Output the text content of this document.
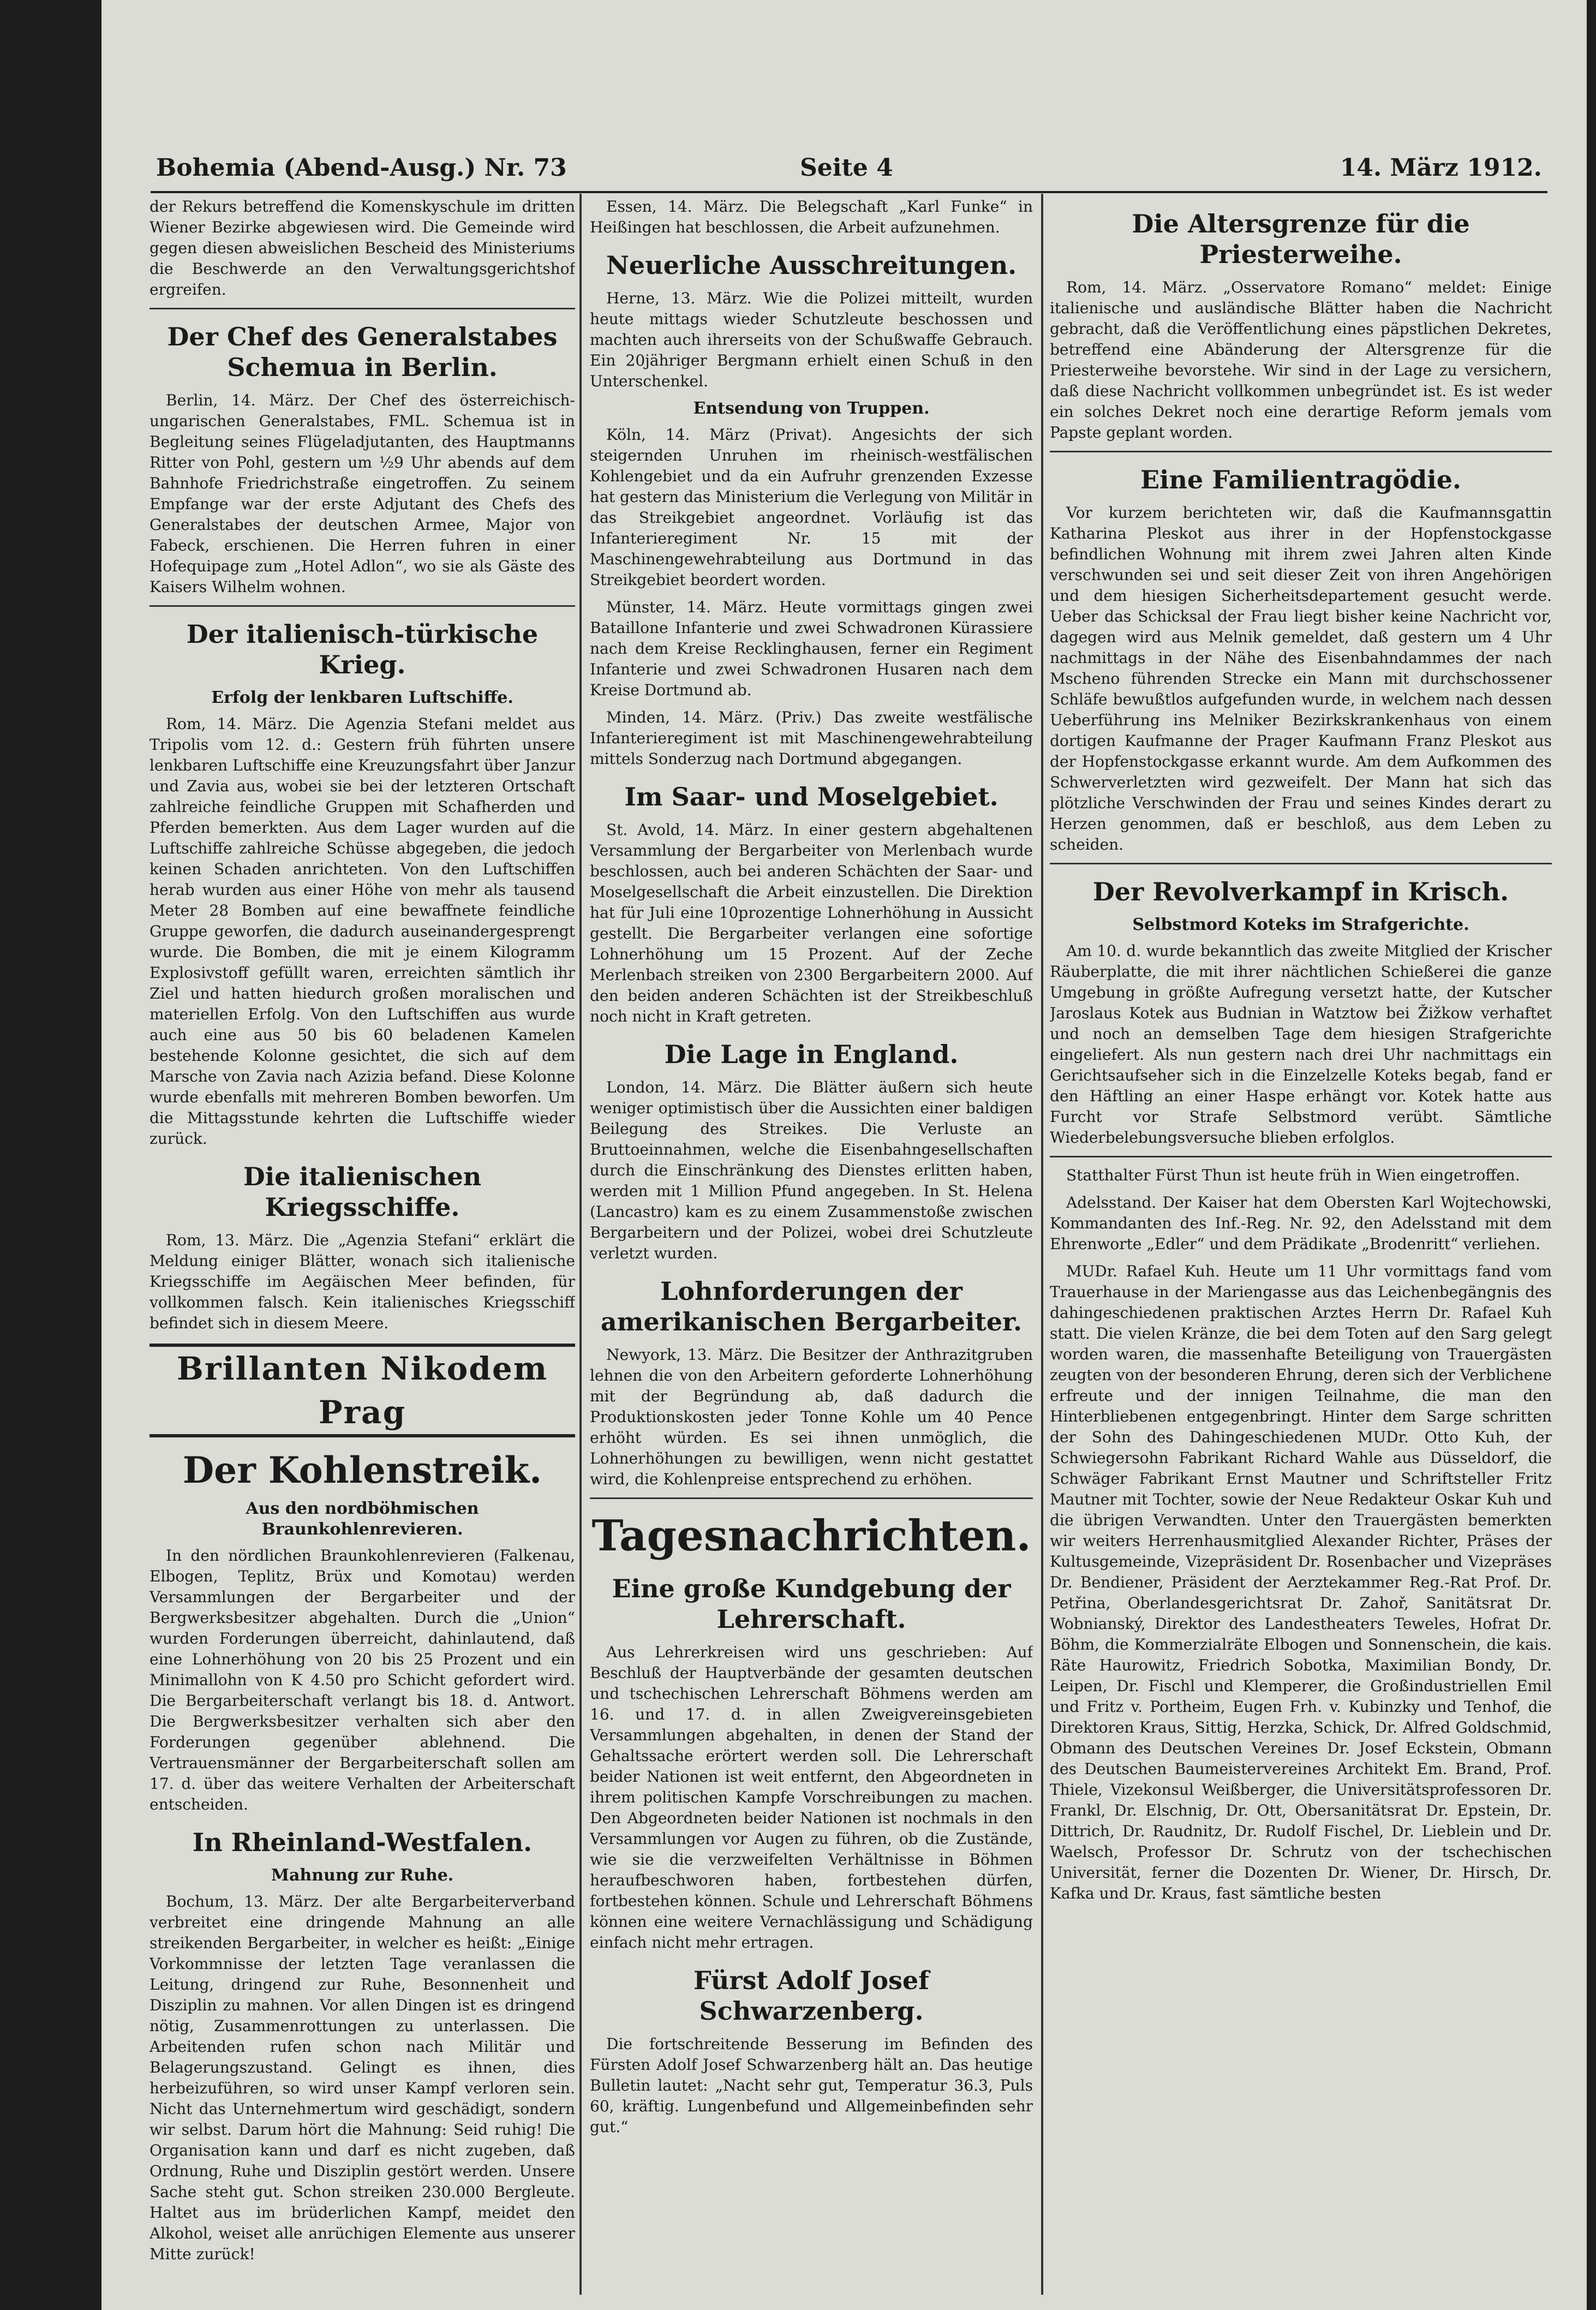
Bohemia (Abend-Ausg.) Nr. 73	Seite 4	14. März 1912.

der Rekurs betreffend die Komenskyschule im dritten Wiener Bezirke abgewiesen wird. Die Gemeinde wird gegen diesen abweislichen Bescheid des Ministeriums die Beschwerde an den Verwaltungsgerichtshof ergreifen.

Der Chef des Generalstabes Schemua in Berlin.

Berlin, 14. März. Der Chef des österreichisch-ungarischen Generalstabes, FML. Schemua ist in Begleitung seines Flügeladjutanten, des Hauptmanns Ritter von Pohl, gestern um ½9 Uhr abends auf dem Bahnhofe Friedrichstraße eingetroffen. Zu seinem Empfange war der erste Adjutant des Chefs des Generalstabes der deutschen Armee, Major von Fabeck, erschienen. Die Herren fuhren in einer Hofequipage zum „Hotel Adlon“, wo sie als Gäste des Kaisers Wilhelm wohnen.

Der italienisch-türkische Krieg.
Erfolg der lenkbaren Luftschiffe.

Rom, 14. März. Die Agenzia Stefani meldet aus Tripolis vom 12. d.: Gestern früh führten unsere lenkbaren Luftschiffe eine Kreuzungsfahrt über Janzur und Zavia aus, wobei sie bei der letzteren Ortschaft zahlreiche feindliche Gruppen mit Schafherden und Pferden bemerkten. Aus dem Lager wurden auf die Luftschiffe zahlreiche Schüsse abgegeben, die jedoch keinen Schaden anrichteten. Von den Luftschiffen herab wurden aus einer Höhe von mehr als tausend Meter 28 Bomben auf eine bewaffnete feindliche Gruppe geworfen, die dadurch auseinandergesprengt wurde. Die Bomben, die mit je einem Kilogramm Explosivstoff gefüllt waren, erreichten sämtlich ihr Ziel und hatten hiedurch großen moralischen und materiellen Erfolg. Von den Luftschiffen aus wurde auch eine aus 50 bis 60 beladenen Kamelen bestehende Kolonne gesichtet, die sich auf dem Marsche von Zavia nach Azizia befand. Diese Kolonne wurde ebenfalls mit mehreren Bomben beworfen. Um die Mittagsstunde kehrten die Luftschiffe wieder zurück.

Die italienischen Kriegsschiffe.

Rom, 13. März. Die „Agenzia Stefani“ erklärt die Meldung einiger Blätter, wonach sich italienische Kriegsschiffe im Aegäischen Meer befinden, für vollkommen falsch. Kein italienisches Kriegsschiff befindet sich in diesem Meere.

Brillanten Nikodem Prag
Der Kohlenstreik.
Aus den nordböhmischen Braunkohlenrevieren.

In den nördlichen Braunkohlenrevieren (Falkenau, Elbogen, Teplitz, Brüx und Komotau) werden Versammlungen der Bergarbeiter und der Bergwerksbesitzer abgehalten. Durch die „Union“ wurden Forderungen überreicht, dahinlautend, daß eine Lohnerhöhung von 20 bis 25 Prozent und ein Minimallohn von K 4.50 pro Schicht gefordert wird. Die Bergarbeiterschaft verlangt bis 18. d. Antwort. Die Bergwerksbesitzer verhalten sich aber den Forderungen gegenüber ablehnend. Die Vertrauensmänner der Bergarbeiterschaft sollen am 17. d. über das weitere Verhalten der Arbeiterschaft entscheiden.

In Rheinland-Westfalen.
Mahnung zur Ruhe.

Bochum, 13. März. Der alte Bergarbeiterverband verbreitet eine dringende Mahnung an alle streikenden Bergarbeiter, in welcher es heißt: „Einige Vorkommnisse der letzten Tage veranlassen die Leitung, dringend zur Ruhe, Besonnenheit und Disziplin zu mahnen. Vor allen Dingen ist es dringend nötig, Zusammenrottungen zu unterlassen. Die Arbeitenden rufen schon nach Militär und Belagerungszustand. Gelingt es ihnen, dies herbeizuführen, so wird unser Kampf verloren sein. Nicht das Unternehmertum wird geschädigt, sondern wir selbst. Darum hört die Mahnung: Seid ruhig! Die Organisation kann und darf es nicht zugeben, daß Ordnung, Ruhe und Disziplin gestört werden. Unsere Sache steht gut. Schon streiken 230.000 Bergleute. Haltet aus im brüderlichen Kampf, meidet den Alkohol, weiset alle anrüchigen Elemente aus unserer Mitte zurück!

Essen, 14. März. Die Belegschaft „Karl Funke“ in Heißingen hat beschlossen, die Arbeit aufzunehmen.

Neuerliche Ausschreitungen.

Herne, 13. März. Wie die Polizei mitteilt, wurden heute mittags wieder Schutzleute beschossen und machten auch ihrerseits von der Schußwaffe Gebrauch. Ein 20jähriger Bergmann erhielt einen Schuß in den Unterschenkel.

Entsendung von Truppen.

Köln, 14. März (Privat). Angesichts der sich steigernden Unruhen im rheinisch-westfälischen Kohlengebiet und da ein Aufruhr grenzenden Exzesse hat gestern das Ministerium die Verlegung von Militär in das Streikgebiet angeordnet. Vorläufig ist das Infanterieregiment Nr. 15 mit der Maschinengewehrabteilung aus Dortmund in das Streikgebiet beordert worden.

Münster, 14. März. Heute vormittags gingen zwei Bataillone Infanterie und zwei Schwadronen Kürassiere nach dem Kreise Recklinghausen, ferner ein Regiment Infanterie und zwei Schwadronen Husaren nach dem Kreise Dortmund ab.

Minden, 14. März. (Priv.) Das zweite westfälische Infanterieregiment ist mit Maschinengewehrabteilung mittels Sonderzug nach Dortmund abgegangen.

Im Saar- und Moselgebiet.

St. Avold, 14. März. In einer gestern abgehaltenen Versammlung der Bergarbeiter von Merlenbach wurde beschlossen, auch bei anderen Schächten der Saar- und Moselgesellschaft die Arbeit einzustellen. Die Direktion hat für Juli eine 10prozentige Lohnerhöhung in Aussicht gestellt. Die Bergarbeiter verlangen eine sofortige Lohnerhöhung um 15 Prozent. Auf der Zeche Merlenbach streiken von 2300 Bergarbeitern 2000. Auf den beiden anderen Schächten ist der Streikbeschluß noch nicht in Kraft getreten.

Die Lage in England.

London, 14. März. Die Blätter äußern sich heute weniger optimistisch über die Aussichten einer baldigen Beilegung des Streikes. Die Verluste an Bruttoeinnahmen, welche die Eisenbahngesellschaften durch die Einschränkung des Dienstes erlitten haben, werden mit 1 Million Pfund angegeben. In St. Helena (Lancastro) kam es zu einem Zusammenstoße zwischen Bergarbeitern und der Polizei, wobei drei Schutzleute verletzt wurden.

Lohnforderungen der amerikanischen Bergarbeiter.

Newyork, 13. März. Die Besitzer der Anthrazitgruben lehnen die von den Arbeitern geforderte Lohnerhöhung mit der Begründung ab, daß dadurch die Produktionskosten jeder Tonne Kohle um 40 Pence erhöht würden. Es sei ihnen unmöglich, die Lohnerhöhungen zu bewilligen, wenn nicht gestattet wird, die Kohlenpreise entsprechend zu erhöhen.

Tagesnachrichten.
Eine große Kundgebung der Lehrerschaft.

Aus Lehrerkreisen wird uns geschrieben: Auf Beschluß der Hauptverbände der gesamten deutschen und tschechischen Lehrerschaft Böhmens werden am 16. und 17. d. in allen Zweigvereinsgebieten Versammlungen abgehalten, in denen der Stand der Gehaltssache erörtert werden soll. Die Lehrerschaft beider Nationen ist weit entfernt, den Abgeordneten in ihrem politischen Kampfe Vorschreibungen zu machen. Den Abgeordneten beider Nationen ist nochmals in den Versammlungen vor Augen zu führen, ob die Zustände, wie sie die verzweifelten Verhältnisse in Böhmen heraufbeschworen haben, fortbestehen dürfen, fortbestehen können. Schule und Lehrerschaft Böhmens können eine weitere Vernachlässigung und Schädigung einfach nicht mehr ertragen.

Fürst Adolf Josef Schwarzenberg.

Die fortschreitende Besserung im Befinden des Fürsten Adolf Josef Schwarzenberg hält an. Das heutige Bulletin lautet: „Nacht sehr gut, Temperatur 36.3, Puls 60, kräftig. Lungenbefund und Allgemeinbefinden sehr gut.“

Die Altersgrenze für die Priesterweihe.

Rom, 14. März. „Osservatore Romano“ meldet: Einige italienische und ausländische Blätter haben die Nachricht gebracht, daß die Veröffentlichung eines päpstlichen Dekretes, betreffend eine Abänderung der Altersgrenze für die Priesterweihe bevorstehe. Wir sind in der Lage zu versichern, daß diese Nachricht vollkommen unbegründet ist. Es ist weder ein solches Dekret noch eine derartige Reform jemals vom Papste geplant worden.

Eine Familientragödie.

Vor kurzem berichteten wir, daß die Kaufmannsgattin Katharina Pleskot aus ihrer in der Hopfenstockgasse befindlichen Wohnung mit ihrem zwei Jahren alten Kinde verschwunden sei und seit dieser Zeit von ihren Angehörigen und dem hiesigen Sicherheitsdepartement gesucht werde. Ueber das Schicksal der Frau liegt bisher keine Nachricht vor, dagegen wird aus Melnik gemeldet, daß gestern um 4 Uhr nachmittags in der Nähe des Eisenbahndammes der nach Mscheno führenden Strecke ein Mann mit durchschossener Schläfe bewußtlos aufgefunden wurde, in welchem nach dessen Ueberführung ins Melniker Bezirkskrankenhaus von einem dortigen Kaufmanne der Prager Kaufmann Franz Pleskot aus der Hopfenstockgasse erkannt wurde. Am dem Aufkommen des Schwerverletzten wird gezweifelt. Der Mann hat sich das plötzliche Verschwinden der Frau und seines Kindes derart zu Herzen genommen, daß er beschloß, aus dem Leben zu scheiden.

Der Revolverkampf in Krisch.
Selbstmord Koteks im Strafgerichte.

Am 10. d. wurde bekanntlich das zweite Mitglied der Krischer Räuberplatte, die mit ihrer nächtlichen Schießerei die ganze Umgebung in größte Aufregung versetzt hatte, der Kutscher Jaroslaus Kotek aus Budnian in Watztow bei Žižkow verhaftet und noch an demselben Tage dem hiesigen Strafgerichte eingeliefert. Als nun gestern nach drei Uhr nachmittags ein Gerichtsaufseher sich in die Einzelzelle Koteks begab, fand er den Häftling an einer Haspe erhängt vor. Kotek hatte aus Furcht vor Strafe Selbstmord verübt. Sämtliche Wiederbelebungsversuche blieben erfolglos.

Statthalter Fürst Thun ist heute früh in Wien eingetroffen.

Adelsstand. Der Kaiser hat dem Obersten Karl Wojtechowski, Kommandanten des Inf.-Reg. Nr. 92, den Adelsstand mit dem Ehrenworte „Edler“ und dem Prädikate „Brodenritt“ verliehen.

MUDr. Rafael Kuh. Heute um 11 Uhr vormittags fand vom Trauerhause in der Mariengasse aus das Leichenbegängnis des dahingeschiedenen praktischen Arztes Herrn Dr. Rafael Kuh statt. Die vielen Kränze, die bei dem Toten auf den Sarg gelegt worden waren, die massenhafte Beteiligung von Trauergästen zeugten von der besonderen Ehrung, deren sich der Verblichene erfreute und der innigen Teilnahme, die man den Hinterbliebenen entgegenbringt. Hinter dem Sarge schritten der Sohn des Dahingeschiedenen MUDr. Otto Kuh, der Schwiegersohn Fabrikant Richard Wahle aus Düsseldorf, die Schwäger Fabrikant Ernst Mautner und Schriftsteller Fritz Mautner mit Tochter, sowie der Neue Redakteur Oskar Kuh und die übrigen Verwandten. Unter den Trauergästen bemerkten wir weiters Herrenhausmitglied Alexander Richter, Präses der Kultusgemeinde, Vizepräsident Dr. Rosenbacher und Vizepräses Dr. Bendiener, Präsident der Aerztekammer Reg.-Rat Prof. Dr. Petřina, Oberlandesgerichtsrat Dr. Zahoř, Sanitätsrat Dr. Wobnianský, Direktor des Landestheaters Teweles, Hofrat Dr. Böhm, die Kommerzialräte Elbogen und Sonnenschein, die kais. Räte Haurowitz, Friedrich Sobotka, Maximilian Bondy, Dr. Leipen, Dr. Fischl und Klemperer, die Großindustriellen Emil und Fritz v. Portheim, Eugen Frh. v. Kubinzky und Tenhof, die Direktoren Kraus, Sittig, Herzka, Schick, Dr. Alfred Goldschmid, Obmann des Deutschen Vereines Dr. Josef Eckstein, Obmann des Deutschen Baumeistervereines Architekt Em. Brand, Prof. Thiele, Vizekonsul Weißberger, die Universitätsprofessoren Dr. Frankl, Dr. Elschnig, Dr. Ott, Obersanitätsrat Dr. Epstein, Dr. Dittrich, Dr. Raudnitz, Dr. Rudolf Fischel, Dr. Lieblein und Dr. Waelsch, Professor Dr. Schrutz von der tschechischen Universität, ferner die Dozenten Dr. Wiener, Dr. Hirsch, Dr. Kafka und Dr. Kraus, fast sämtliche besten
